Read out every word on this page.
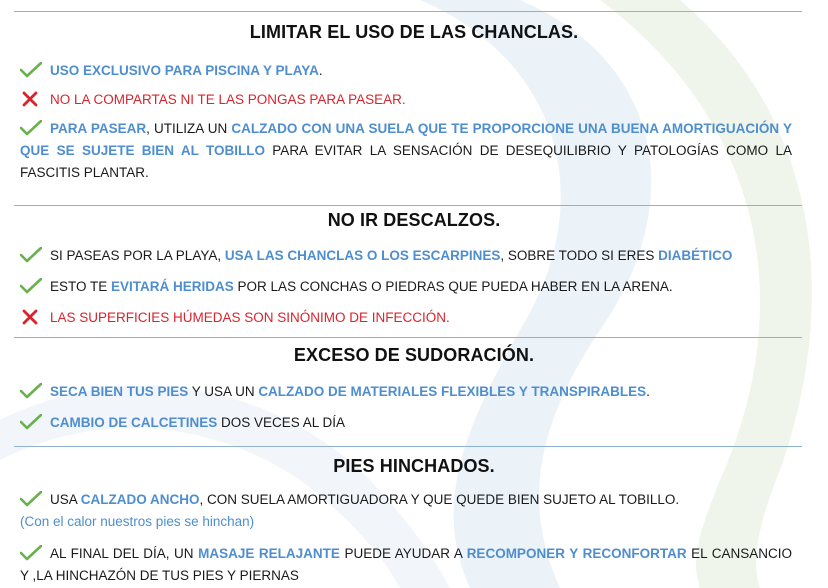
LIMITAR EL USO DE LAS CHANCLAS.
USO EXCLUSIVO PARA PISCINA Y PLAYA.
NO LA COMPARTAS NI TE LAS PONGAS PARA PASEAR.
PARA PASEAR, UTILIZA UN CALZADO CON UNA SUELA QUE TE PROPORCIONE UNA BUENA AMORTIGUACIÓN Y QUE SE SUJETE BIEN AL TOBILLO PARA EVITAR LA SENSACIÓN DE DESEQUILIBRIO Y PATOLOGÍAS COMO LA FASCITIS PLANTAR.
NO IR DESCALZOS.
SI PASEAS POR LA PLAYA, USA LAS CHANCLAS O LOS ESCARPINES, SOBRE TODO SI ERES DIABÉTICO
ESTO TE EVITARÁ HERIDAS POR LAS CONCHAS O PIEDRAS QUE PUEDA HABER EN LA ARENA.
LAS SUPERFICIES HÚMEDAS SON SINÓNIMO DE INFECCIÓN.
EXCESO DE SUDORACIÓN.
SECA BIEN TUS PIES Y USA UN CALZADO DE MATERIALES FLEXIBLES Y TRANSPIRABLES.
CAMBIO DE CALCETINES DOS VECES AL DÍA
PIES HINCHADOS.
USA CALZADO ANCHO, CON SUELA AMORTIGUADORA Y QUE QUEDE BIEN SUJETO AL TOBILLO.
(Con el calor nuestros pies se hinchan)
AL FINAL DEL DÍA, UN MASAJE RELAJANTE PUEDE AYUDAR A RECOMPONER Y RECONFORTAR EL CANSANCIO Y ,LA HINCHAZÓN DE TUS PIES Y PIERNAS
